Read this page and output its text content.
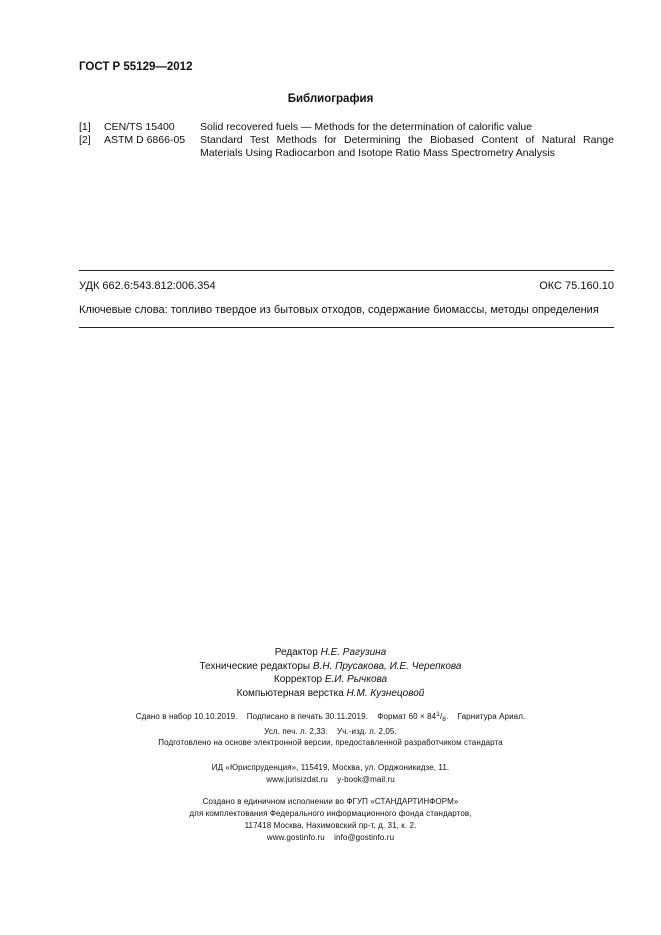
ГОСТ Р 55129—2012
Библиография
[1] CEN/TS 15400 Solid recovered fuels — Methods for the determination of calorific value
[2] ASTM D 6866-05 Standard Test Methods for Determining the Biobased Content of Natural Range Materials Using Radiocarbon and Isotope Ratio Mass Spectrometry Analysis
УДК 662.6:543.812:006.354	ОКС 75.160.10
Ключевые слова: топливо твердое из бытовых отходов, содержание биомассы, методы определения
Редактор Н.Е. Рагузина
Технические редакторы В.Н. Прусакова, И.Е. Черепкова
Корректор Е.И. Рычкова
Компьютерная верстка Н.М. Кузнецовой
Сдано в набор 10.10.2019. Подписано в печать 30.11.2019. Формат $60 \times 84^1/_8$. Гарнитура Ариал.
Усл. печ. л. 2,33. Уч.-изд. л. 2,05.
Подготовлено на основе электронной версии, предоставленной разработчиком стандарта
ИД «Юриспруденция», 115419, Москва, ул. Орджоникидзе, 11.
www.jurisizdat.ru y-book@mail.ru
Создано в единичном исполнении во ФГУП «СТАНДАРТИНФОРМ»
для комплектования Федерального информационного фонда стандартов,
117418 Москва, Нахимовский пр-т, д. 31, к. 2.
www.gostinfo.ru info@gostinfo.ru
